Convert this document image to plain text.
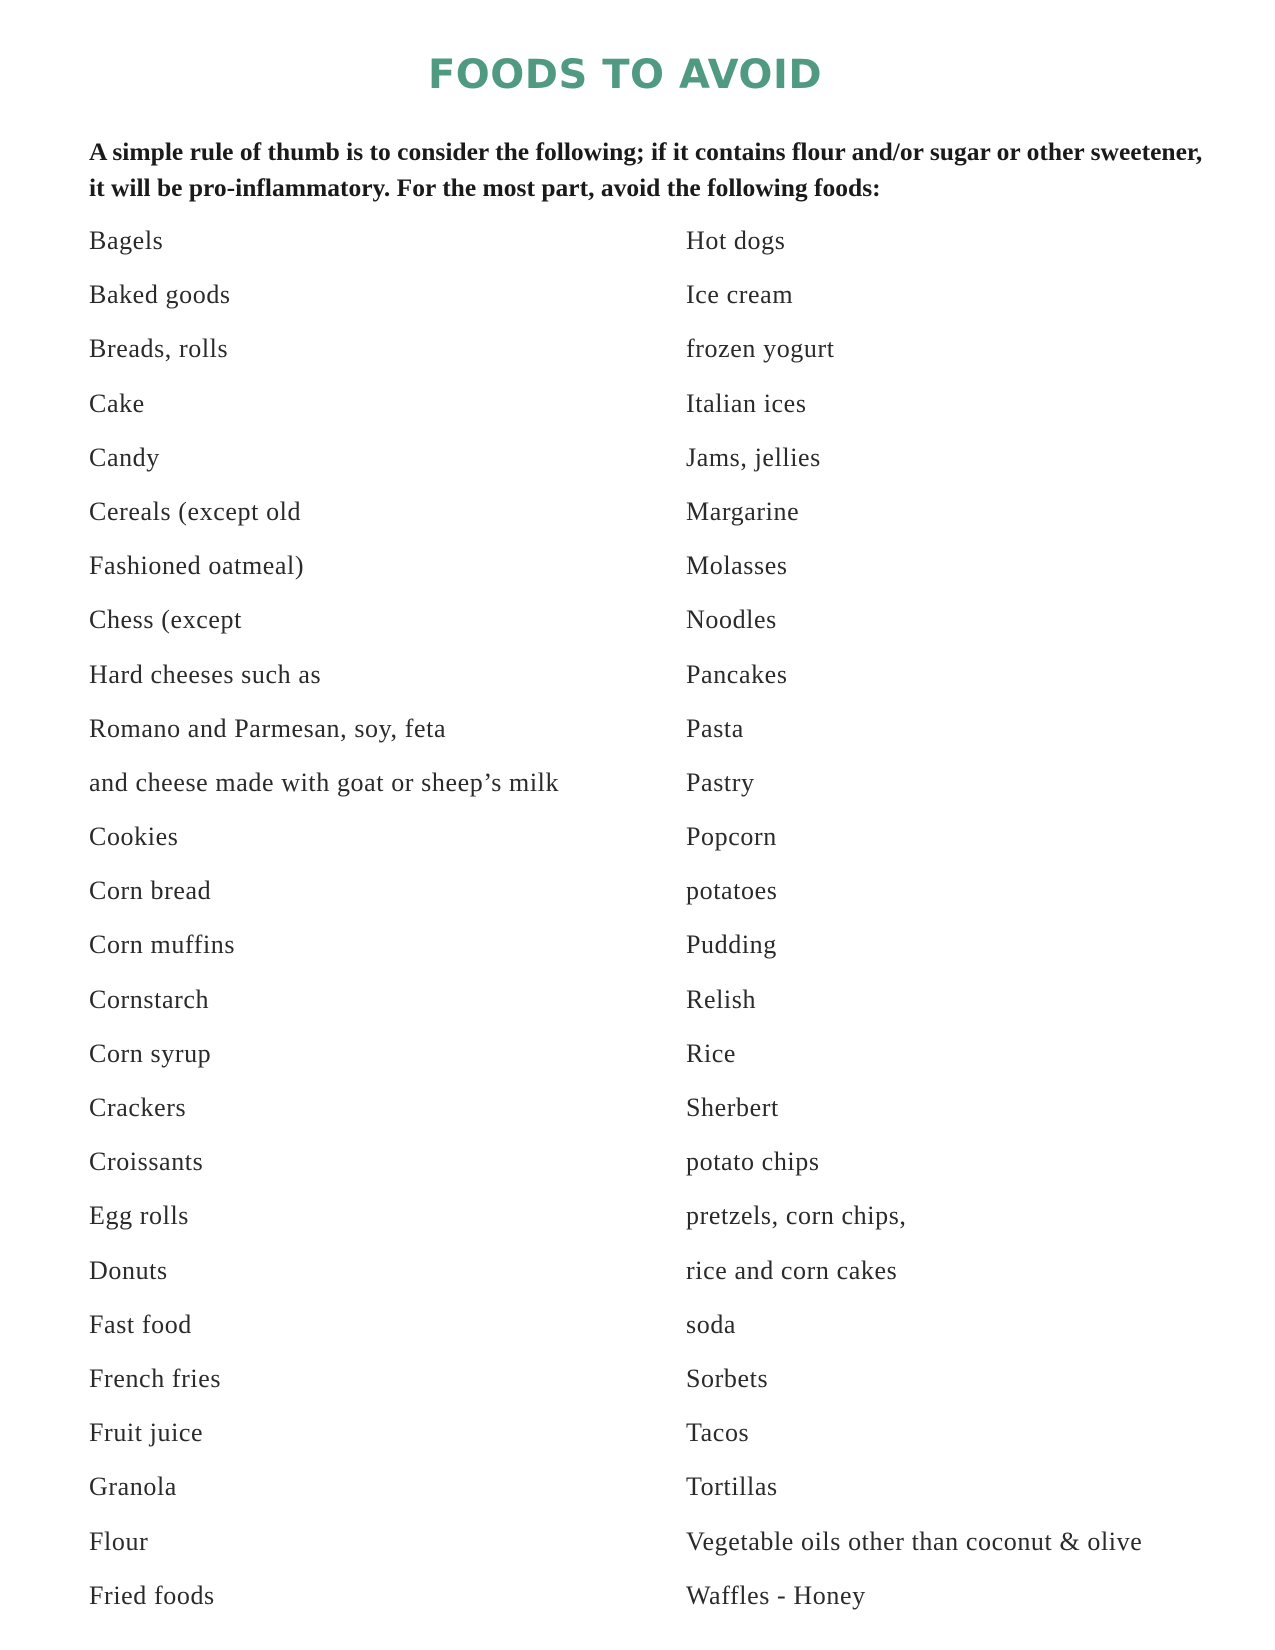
FOODS TO AVOID

A simple rule of thumb is to consider the following; if it contains flour and/or sugar or other sweetener, it will be pro-inflammatory. For the most part, avoid the following foods:

Bagels
Baked goods
Breads, rolls
Cake
Candy
Cereals (except old
Fashioned oatmeal)
Chess (except
Hard cheeses such as
Romano and Parmesan, soy, feta
and cheese made with goat or sheep’s milk
Cookies
Corn bread
Corn muffins
Cornstarch
Corn syrup
Crackers
Croissants
Egg rolls
Donuts
Fast food
French fries
Fruit juice
Granola
Flour
Fried foods
Hot dogs
Ice cream
frozen yogurt
Italian ices
Jams, jellies
Margarine
Molasses
Noodles
Pancakes
Pasta
Pastry
Popcorn
potatoes
Pudding
Relish
Rice
Sherbert
potato chips
pretzels, corn chips,
rice and corn cakes
soda
Sorbets
Tacos
Tortillas
Vegetable oils other than coconut & olive
Waffles - Honey
